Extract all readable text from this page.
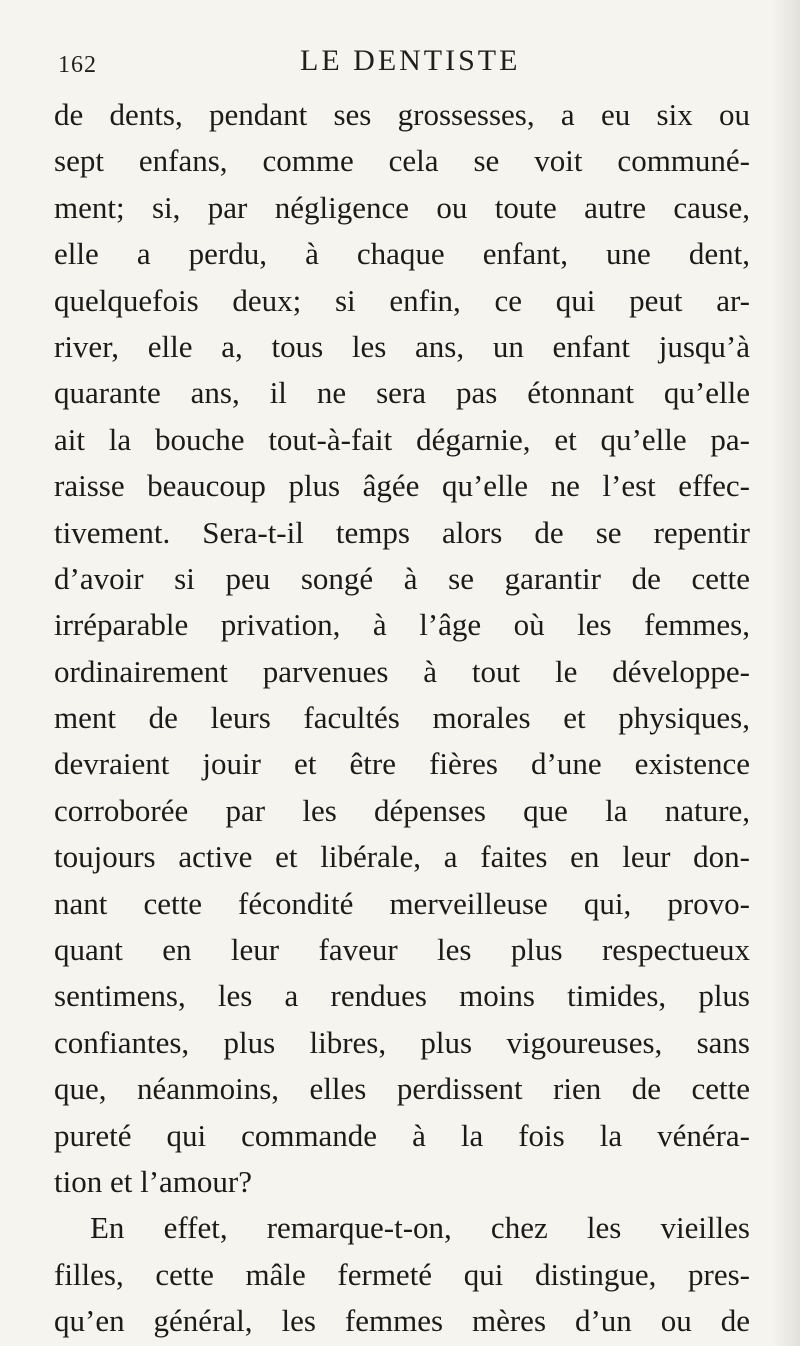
162	LE DENTISTE
de dents, pendant ses grossesses, a eu six ou
sept enfans, comme cela se voit communé-
ment; si, par négligence ou toute autre cause,
elle a perdu, à chaque enfant, une dent,
quelquefois deux; si enfin, ce qui peut ar-
river, elle a, tous les ans, un enfant jusqu’à
quarante ans, il ne sera pas étonnant qu’elle
ait la bouche tout-à-fait dégarnie, et qu’elle pa-
raisse beaucoup plus âgée qu’elle ne l’est effec-
tivement. Sera-t-il temps alors de se repentir
d’avoir si peu songé à se garantir de cette
irréparable privation, à l’âge où les femmes,
ordinairement parvenues à tout le développe-
ment de leurs facultés morales et physiques,
devraient jouir et être fières d’une existence
corroborée par les dépenses que la nature,
toujours active et libérale, a faites en leur don-
nant cette fécondité merveilleuse qui, provo-
quant en leur faveur les plus respectueux
sentimens, les a rendues moins timides, plus
confiantes, plus libres, plus vigoureuses, sans
que, néanmoins, elles perdissent rien de cette
pureté qui commande à la fois la vénéra-
tion et l’amour?
En effet, remarque-t-on, chez les vieilles
filles, cette mâle fermeté qui distingue, pres-
qu’en général, les femmes mères d’un ou de
